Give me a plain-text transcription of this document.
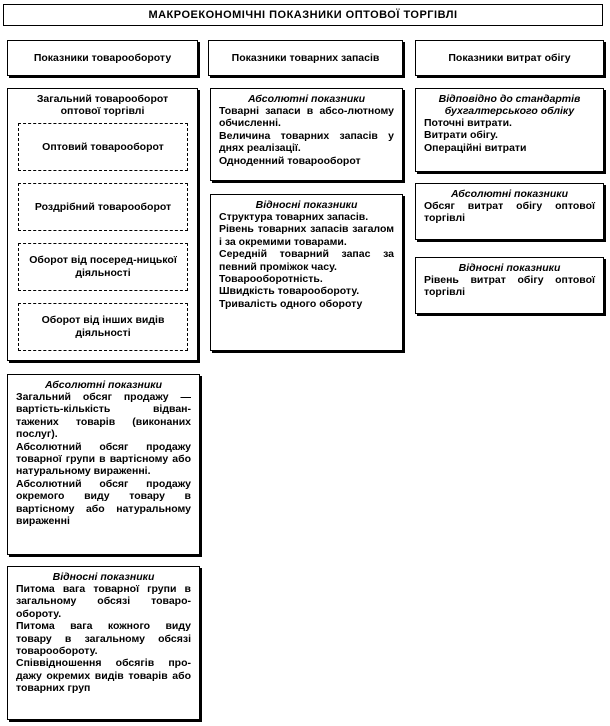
МАКРОЕКОНОМІЧНІ ПОКАЗНИКИ ОПТОВОЇ ТОРГІВЛІ
Показники товарообороту	Показники товарних запасів	Показники витрат обігу
Загальний товарооборот оптової торгівлі
Оптовий товарооборот
Роздрібний товарооборот
Оборот від посеред-ницької діяльності
Оборот від інших видів діяльності
Абсолютні показники
Загальний обсяг продажу — вартість-кількість відван-тажених товарів (виконаних послуг).
Абсолютний обсяг продажу товарної групи в вартісному або натуральному вираженні.
Абсолютний обсяг продажу окремого виду товару в вартісному або натуральному вираженні
Відносні показники
Питома вага товарної групи в загальному обсязі товаро-обороту.
Питома вага кожного виду товару в загальному обсязі товарообороту.
Співвідношення обсягів про-дажу окремих видів товарів або товарних груп
Абсолютні показники
Товарні запаси в абсо-лютному обчисленні.
Величина товарних запасів у днях реалізації.
Одноденний товарооборот
Відносні показники
Структура товарних запасів.
Рівень товарних запасів загалом і за окремими товарами.
Середній товарний запас за певний проміжок часу.
Товарооборотність.
Швидкість товарообороту.
Тривалість одного обороту
Відповідно до стандартів бухгалтерського обліку
Поточні витрати.
Витрати обігу.
Операційні витрати
Абсолютні показники
Обсяг витрат обігу оптової торгівлі
Відносні показники
Рівень витрат обігу оптової торгівлі
